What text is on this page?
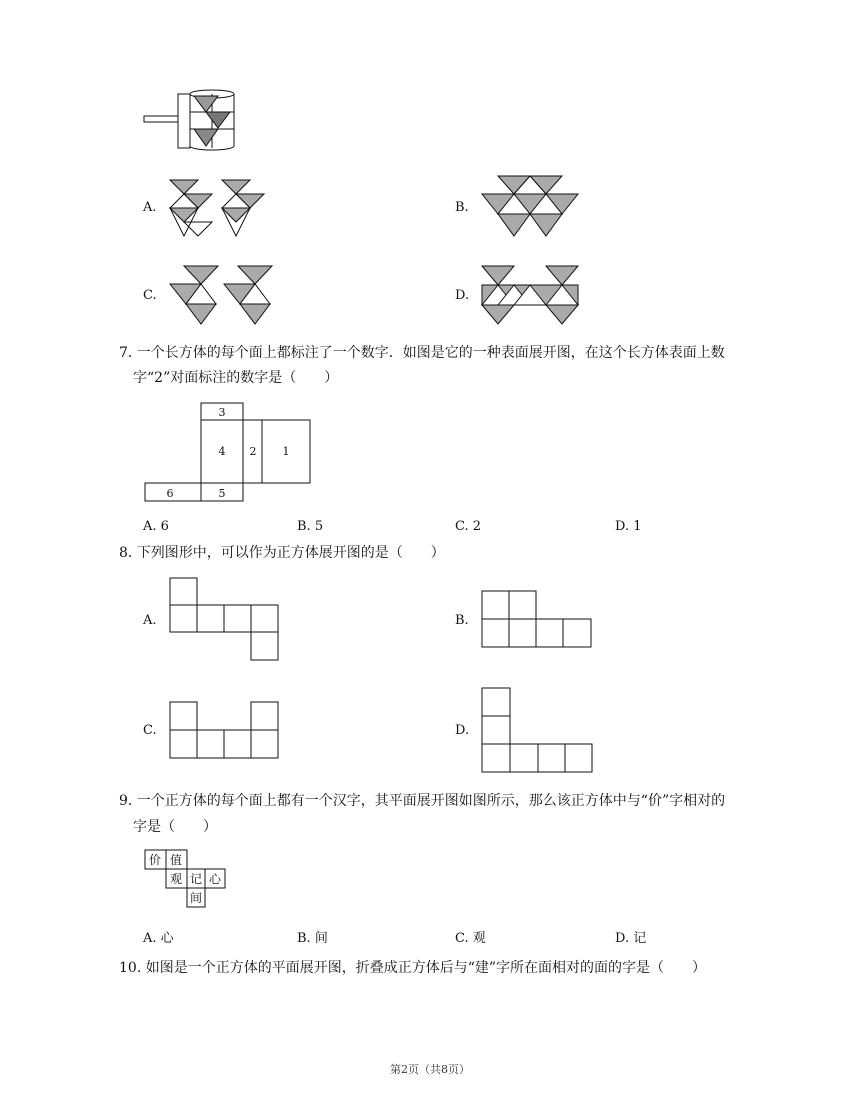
A.	B.
C.	D.
7. 一个长方体的每个面上都标注了一个数字．如图是它的一种表面展开图，在这个长方体表面上数
字“2”对面标注的数字是（　　）
3
4 2 1
6	5
A. 6	B. 5	C. 2	D. 1
8. 下列图形中，可以作为正方体展开图的是（　　）
A.	B.
C.	D.
9. 一个正方体的每个面上都有一个汉字，其平面展开图如图所示，那么该正方体中与“价”字相对的
字是（　　）
价 值
观 记 心
间
A. 心	B. 间	C. 观	D. 记
10. 如图是一个正方体的平面展开图，折叠成正方体后与“建”字所在面相对的面的字是（　　）
第2页（共8页）
